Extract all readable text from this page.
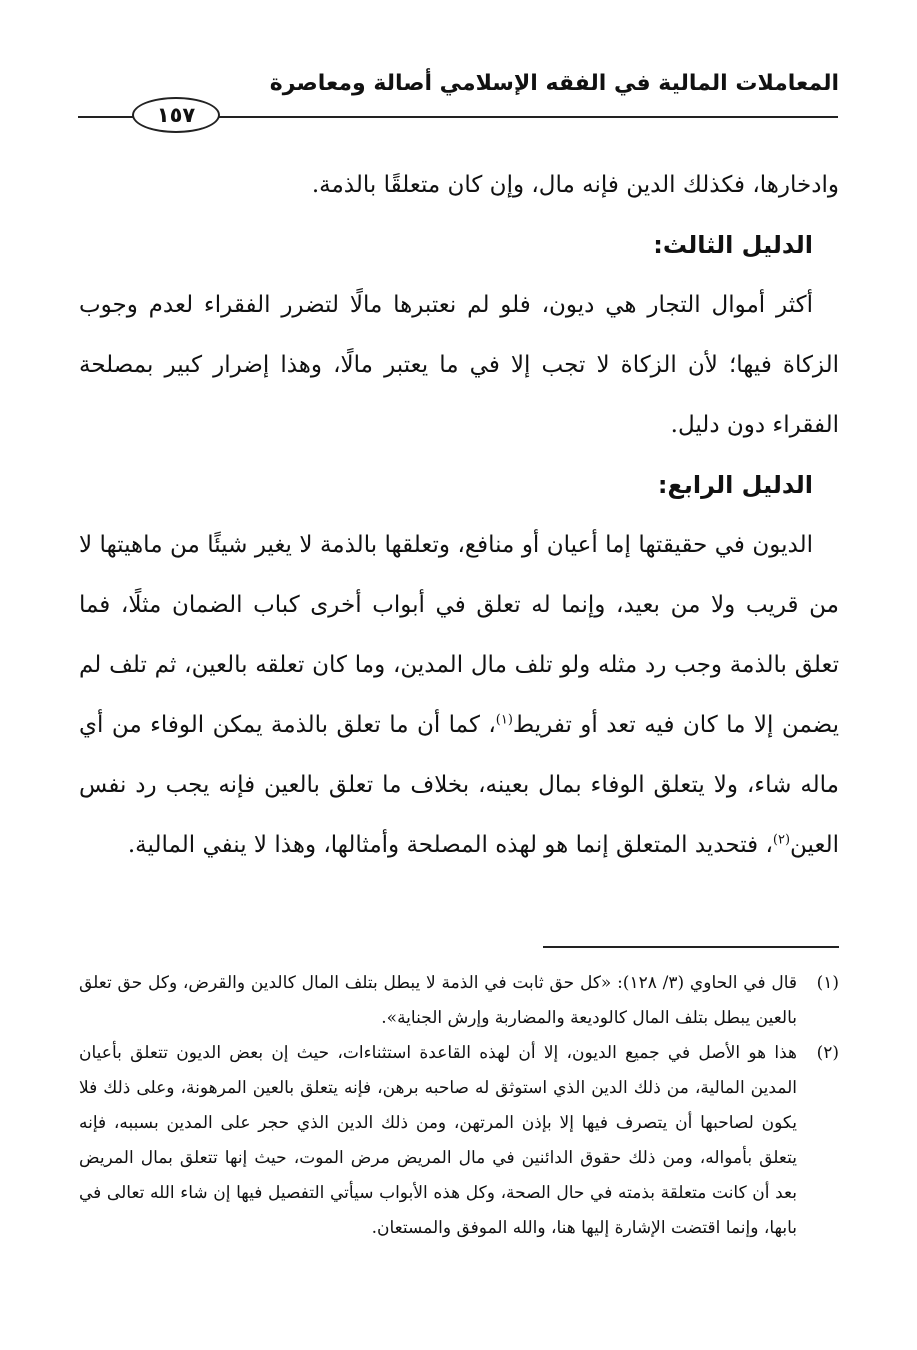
المعاملات المالية في الفقه الإسلامي أصالة ومعاصرة
١٥٧

وادخارها، فكذلك الدين فإنه مال، وإن كان متعلقًا بالذمة.

الدليل الثالث:

أكثر أموال التجار هي ديون، فلو لم نعتبرها مالًا لتضرر الفقراء لعدم وجوب الزكاة فيها؛ لأن الزكاة لا تجب إلا في ما يعتبر مالًا، وهذا إضرار كبير بمصلحة الفقراء دون دليل.

الدليل الرابع:

الديون في حقيقتها إما أعيان أو منافع، وتعلقها بالذمة لا يغير شيئًا من ماهيتها لا من قريب ولا من بعيد، وإنما له تعلق في أبواب أخرى كباب الضمان مثلًا، فما تعلق بالذمة وجب رد مثله ولو تلف مال المدين، وما كان تعلقه بالعين، ثم تلف لم يضمن إلا ما كان فيه تعد أو تفريط$^{(١)}$، كما أن ما تعلق بالذمة يمكن الوفاء من أي ماله شاء، ولا يتعلق الوفاء بمال بعينه، بخلاف ما تعلق بالعين فإنه يجب رد نفس العين$^{(٢)}$، فتحديد المتعلق إنما هو لهذه المصلحة وأمثالها، وهذا لا ينفي المالية.

(١)

قال في الحاوي (٣/ ١٢٨): «كل حق ثابت في الذمة لا يبطل بتلف المال كالدين والقرض، وكل حق تعلق بالعين يبطل بتلف المال كالوديعة والمضاربة وإرش الجناية».

(٢)

هذا هو الأصل في جميع الديون، إلا أن لهذه القاعدة استثناءات، حيث إن بعض الديون تتعلق بأعيان المدين المالية، من ذلك الدين الذي استوثق له صاحبه برهن، فإنه يتعلق بالعين المرهونة، وعلى ذلك فلا يكون لصاحبها أن يتصرف فيها إلا بإذن المرتهن، ومن ذلك الدين الذي حجر على المدين بسببه، فإنه يتعلق بأمواله، ومن ذلك حقوق الدائنين في مال المريض مرض الموت، حيث إنها تتعلق بمال المريض بعد أن كانت متعلقة بذمته في حال الصحة، وكل هذه الأبواب سيأتي التفصيل فيها إن شاء الله تعالى في بابها، وإنما اقتضت الإشارة إليها هنا، والله الموفق والمستعان.
